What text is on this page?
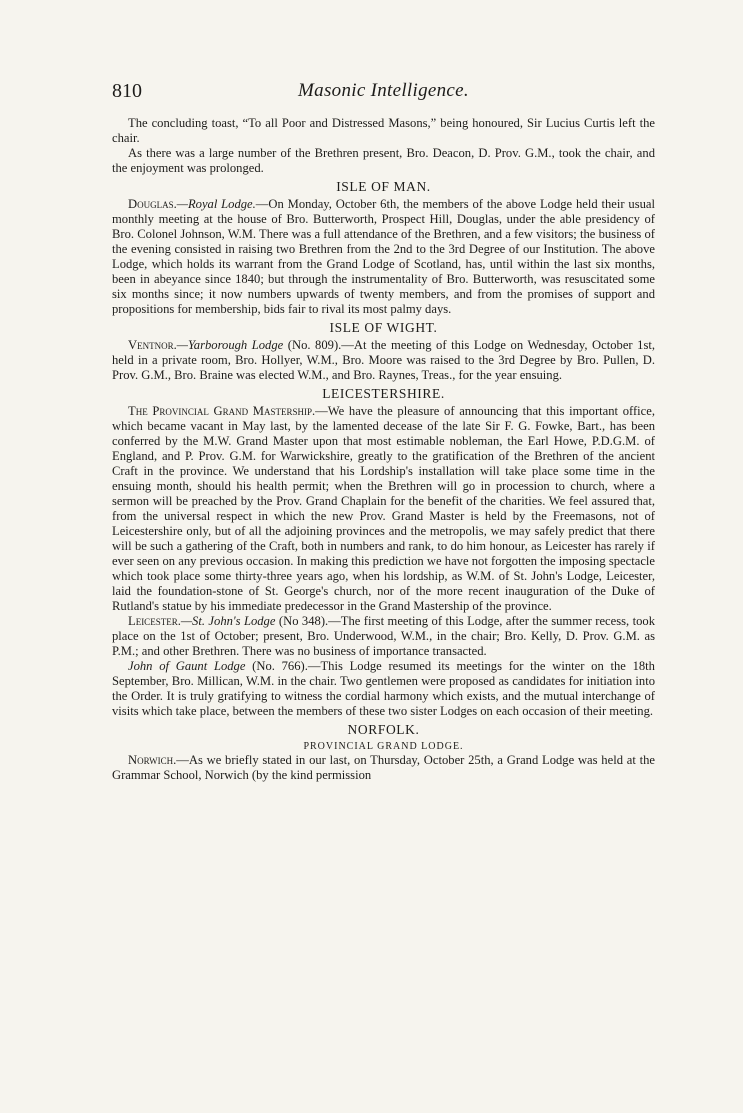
810	Masonic Intelligence.

The concluding toast, “To all Poor and Distressed Masons,” being honoured, Sir Lucius Curtis left the chair.

As there was a large number of the Brethren present, Bro. Deacon, D. Prov. G.M., took the chair, and the enjoyment was prolonged.

ISLE OF MAN.

Douglas.—Royal Lodge.—On Monday, October 6th, the members of the above Lodge held their usual monthly meeting at the house of Bro. Butterworth, Prospect Hill, Douglas, under the able presidency of Bro. Colonel Johnson, W.M. There was a full attendance of the Brethren, and a few visitors; the business of the evening consisted in raising two Brethren from the 2nd to the 3rd Degree of our Institution. The above Lodge, which holds its warrant from the Grand Lodge of Scotland, has, until within the last six months, been in abeyance since 1840; but through the instrumentality of Bro. Butterworth, was resuscitated some six months since; it now numbers upwards of twenty members, and from the promises of support and propositions for membership, bids fair to rival its most palmy days.

ISLE OF WIGHT.

Ventnor.—Yarborough Lodge (No. 809).—At the meeting of this Lodge on Wednesday, October 1st, held in a private room, Bro. Hollyer, W.M., Bro. Moore was raised to the 3rd Degree by Bro. Pullen, D. Prov. G.M., Bro. Braine was elected W.M., and Bro. Raynes, Treas., for the year ensuing.

LEICESTERSHIRE.

The Provincial Grand Mastership.—We have the pleasure of announcing that this important office, which became vacant in May last, by the lamented decease of the late Sir F. G. Fowke, Bart., has been conferred by the M.W. Grand Master upon that most estimable nobleman, the Earl Howe, P.D.G.M. of England, and P. Prov. G.M. for Warwickshire, greatly to the gratification of the Brethren of the ancient Craft in the province. We understand that his Lordship's installation will take place some time in the ensuing month, should his health permit; when the Brethren will go in procession to church, where a sermon will be preached by the Prov. Grand Chaplain for the benefit of the charities. We feel assured that, from the universal respect in which the new Prov. Grand Master is held by the Freemasons, not of Leicestershire only, but of all the adjoining provinces and the metropolis, we may safely predict that there will be such a gathering of the Craft, both in numbers and rank, to do him honour, as Leicester has rarely if ever seen on any previous occasion. In making this prediction we have not forgotten the imposing spectacle which took place some thirty-three years ago, when his lordship, as W.M. of St. John's Lodge, Leicester, laid the foundation-stone of St. George's church, nor of the more recent inauguration of the Duke of Rutland's statue by his immediate predecessor in the Grand Mastership of the province.

Leicester.—St. John's Lodge (No 348).—The first meeting of this Lodge, after the summer recess, took place on the 1st of October; present, Bro. Underwood, W.M., in the chair; Bro. Kelly, D. Prov. G.M. as P.M.; and other Brethren. There was no business of importance transacted.

John of Gaunt Lodge (No. 766).—This Lodge resumed its meetings for the winter on the 18th September, Bro. Millican, W.M. in the chair. Two gentlemen were proposed as candidates for initiation into the Order. It is truly gratifying to witness the cordial harmony which exists, and the mutual interchange of visits which take place, between the members of these two sister Lodges on each occasion of their meeting.

NORFOLK.
PROVINCIAL GRAND LODGE.

Norwich.—As we briefly stated in our last, on Thursday, October 25th, a Grand Lodge was held at the Grammar School, Norwich (by the kind permission
